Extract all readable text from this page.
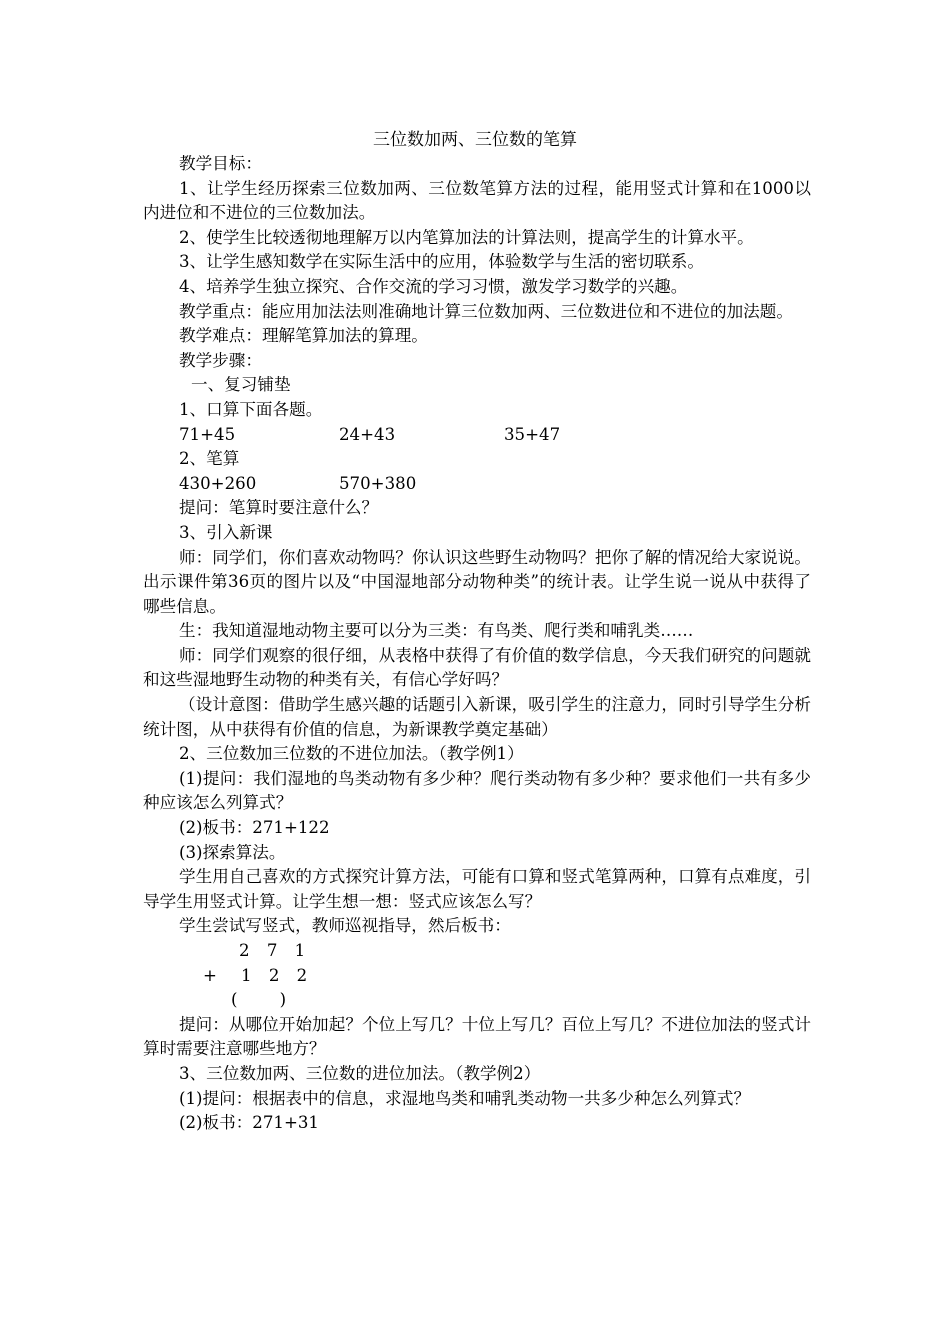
三位数加两、三位数的笔算

教学目标：

1、让学生经历探索三位数加两、三位数笔算方法的过程，能用竖式计算和在1000以内进位和不进位的三位数加法。

2、使学生比较透彻地理解万以内笔算加法的计算法则，提高学生的计算水平。

3、让学生感知数学在实际生活中的应用，体验数学与生活的密切联系。

4、培养学生独立探究、合作交流的学习习惯，激发学习数学的兴趣。

教学重点：能应用加法法则准确地计算三位数加两、三位数进位和不进位的加法题。

教学难点：理解笔算加法的算理。

教学步骤：

一、复习铺垫

1、口算下面各题。

71+45	24+43	35+47

2、笔算

430+260	570+380

提问：笔算时要注意什么？

3、引入新课

师：同学们，你们喜欢动物吗？你认识这些野生动物吗？把你了解的情况给大家说说。出示课件第36页的图片以及“中国湿地部分动物种类”的统计表。让学生说一说从中获得了哪些信息。

生：我知道湿地动物主要可以分为三类：有鸟类、爬行类和哺乳类……

师：同学们观察的很仔细，从表格中获得了有价值的数学信息，今天我们研究的问题就和这些湿地野生动物的种类有关，有信心学好吗？

（设计意图：借助学生感兴趣的话题引入新课，吸引学生的注意力，同时引导学生分析统计图，从中获得有价值的信息，为新课教学奠定基础）

2、三位数加三位数的不进位加法。（教学例1）

(1)提问：我们湿地的鸟类动物有多少种？爬行类动物有多少种？要求他们一共有多少种应该怎么列算式？

(2)板书：271+122

(3)探索算法。

学生用自己喜欢的方式探究计算方法，可能有口算和竖式笔算两种，口算有点难度，引导学生用竖式计算。让学生想一想：竖式应该怎么写？

学生尝试写竖式，教师巡视指导，然后板书：

2 7 1
+ 1 2 2
(        )

提问：从哪位开始加起？个位上写几？十位上写几？百位上写几？不进位加法的竖式计算时需要注意哪些地方？

3、三位数加两、三位数的进位加法。（教学例2）

(1)提问：根据表中的信息，求湿地鸟类和哺乳类动物一共多少种怎么列算式？

(2)板书：271+31
